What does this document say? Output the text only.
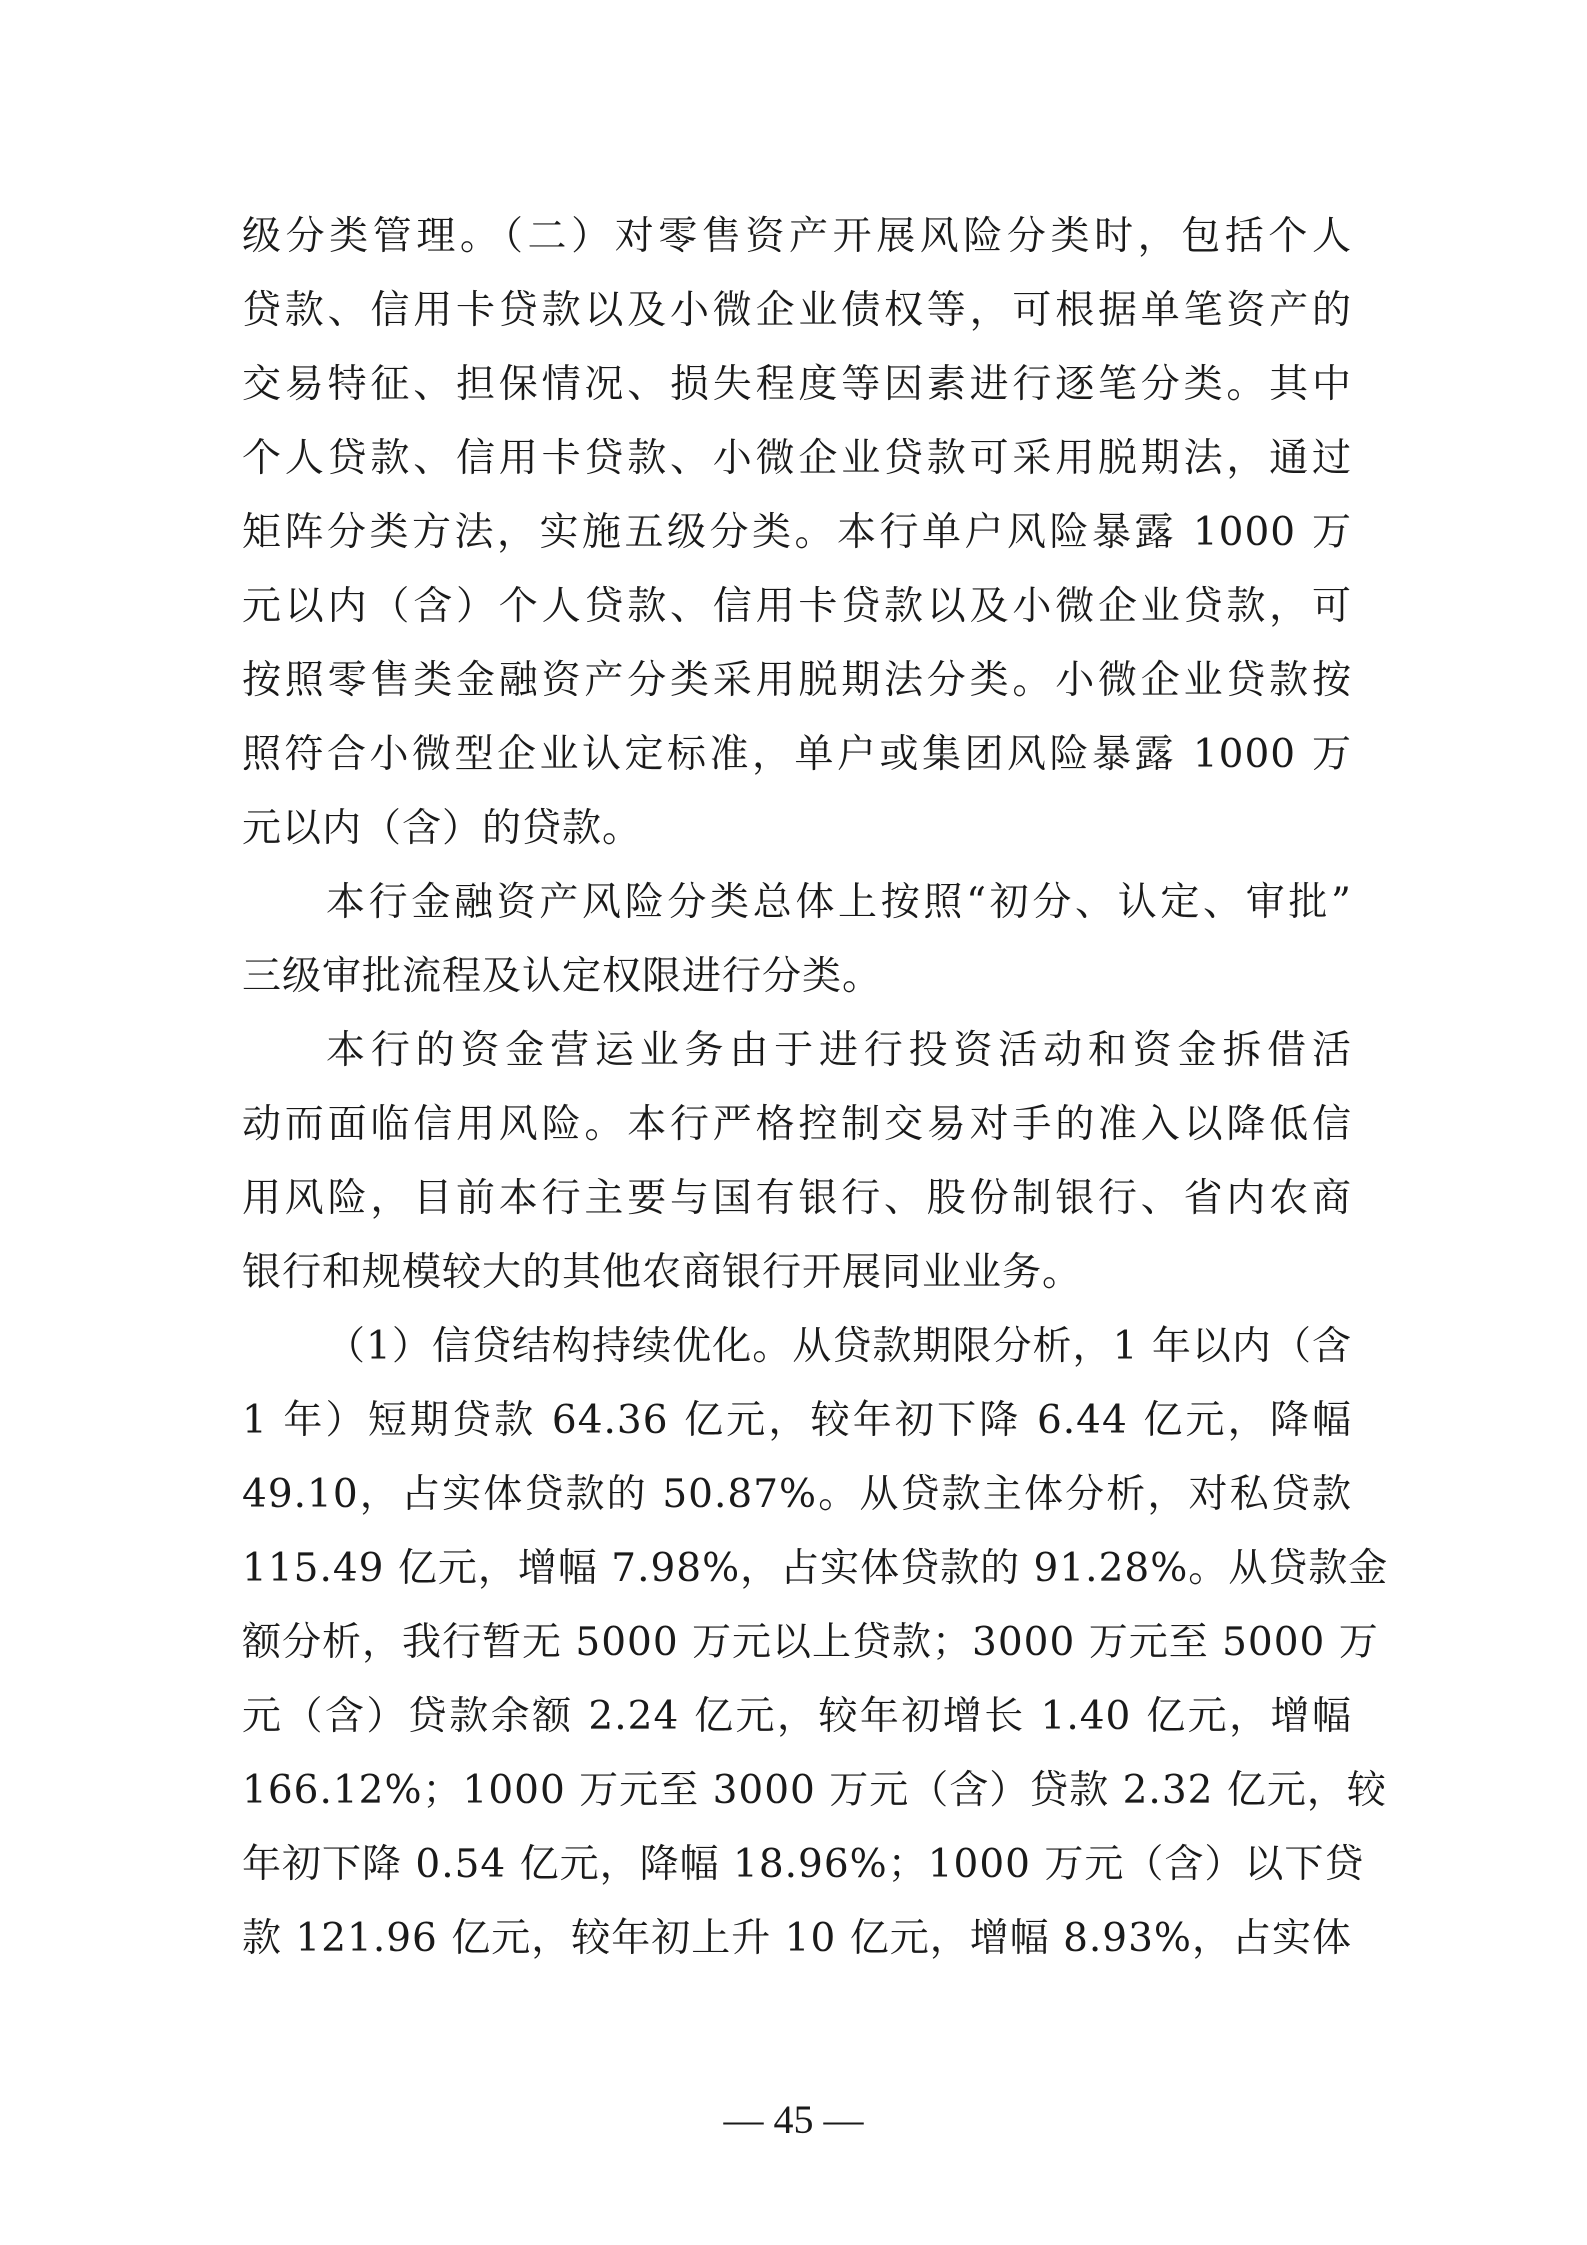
级分类管理。（二）对零售资产开展风险分类时，包括个人
贷款、信用卡贷款以及小微企业债权等，可根据单笔资产的
交易特征、担保情况、损失程度等因素进行逐笔分类。其中
个人贷款、信用卡贷款、小微企业贷款可采用脱期法，通过
矩阵分类方法，实施五级分类。本行单户风险暴露 1000 万
元以内（含）个人贷款、信用卡贷款以及小微企业贷款，可
按照零售类金融资产分类采用脱期法分类。小微企业贷款按
照符合小微型企业认定标准，单户或集团风险暴露 1000 万
元以内（含）的贷款。
本行金融资产风险分类总体上按照“初分、认定、审批”
三级审批流程及认定权限进行分类。
本行的资金营运业务由于进行投资活动和资金拆借活
动而面临信用风险。本行严格控制交易对手的准入以降低信
用风险，目前本行主要与国有银行、股份制银行、省内农商
银行和规模较大的其他农商银行开展同业业务。
（1）信贷结构持续优化。从贷款期限分析，1 年以内（含
1 年）短期贷款 64.36 亿元，较年初下降 6.44 亿元，降幅
49.10，占实体贷款的 50.87%。从贷款主体分析，对私贷款
115.49 亿元，增幅 7.98%，占实体贷款的 91.28%。从贷款金
额分析，我行暂无 5000 万元以上贷款；3000 万元至 5000 万
元（含）贷款余额 2.24 亿元，较年初增长 1.40 亿元，增幅
166.12%；1000 万元至 3000 万元（含）贷款 2.32 亿元，较
年初下降 0.54 亿元，降幅 18.96%；1000 万元（含）以下贷
款 121.96 亿元，较年初上升 10 亿元，增幅 8.93%，占实体
— 45 —
